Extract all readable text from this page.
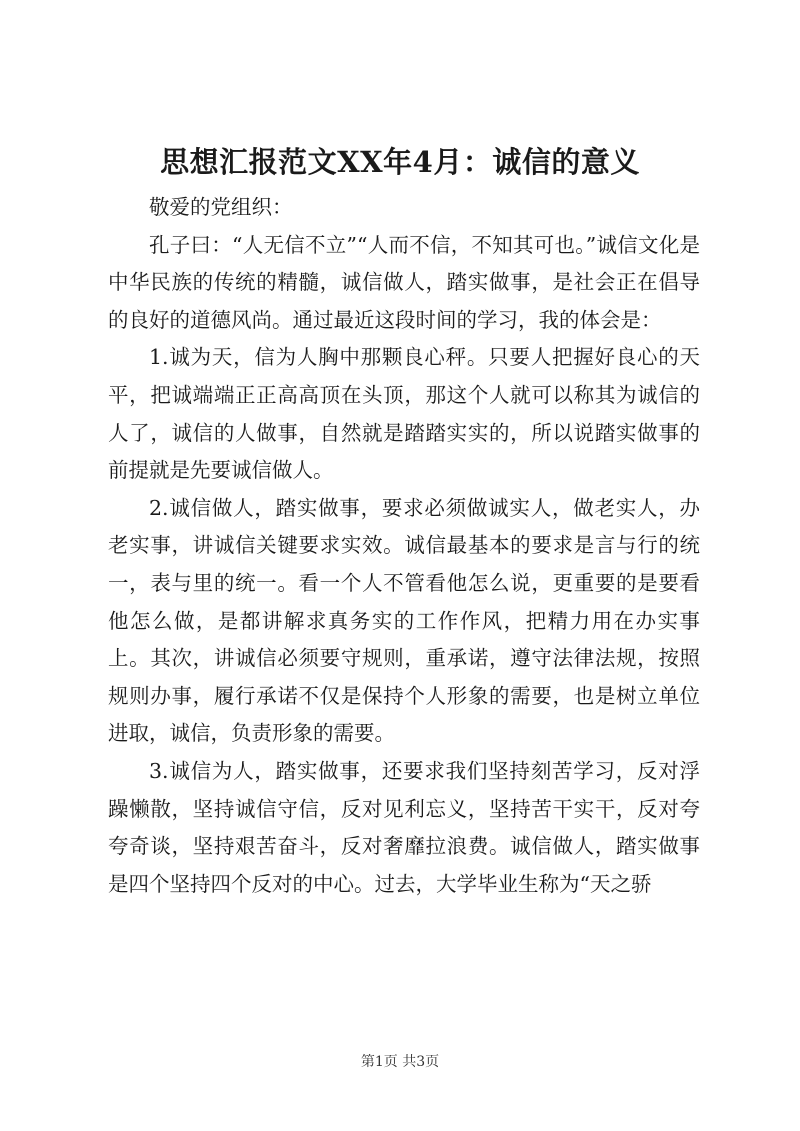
思想汇报范文XX年4月：诚信的意义

敬爱的党组织：

孔子曰：“人无信不立”“人而不信，不知其可也。”诚信文化是中华民族的传统的精髓，诚信做人，踏实做事，是社会正在倡导的良好的道德风尚。通过最近这段时间的学习，我的体会是：

1.诚为天，信为人胸中那颗良心秤。只要人把握好良心的天平，把诚端端正正高高顶在头顶，那这个人就可以称其为诚信的人了，诚信的人做事，自然就是踏踏实实的，所以说踏实做事的前提就是先要诚信做人。

2.诚信做人，踏实做事，要求必须做诚实人，做老实人，办老实事，讲诚信关键要求实效。诚信最基本的要求是言与行的统一，表与里的统一。看一个人不管看他怎么说，更重要的是要看他怎么做，是都讲解求真务实的工作作风，把精力用在办实事上。其次，讲诚信必须要守规则，重承诺，遵守法律法规，按照规则办事，履行承诺不仅是保持个人形象的需要，也是树立单位进取，诚信，负责形象的需要。

3.诚信为人，踏实做事，还要求我们坚持刻苦学习，反对浮躁懒散，坚持诚信守信，反对见利忘义，坚持苦干实干，反对夸夸奇谈，坚持艰苦奋斗，反对奢靡拉浪费。诚信做人，踏实做事是四个坚持四个反对的中心。过去，大学毕业生称为“天之骄

第1页 共3页
